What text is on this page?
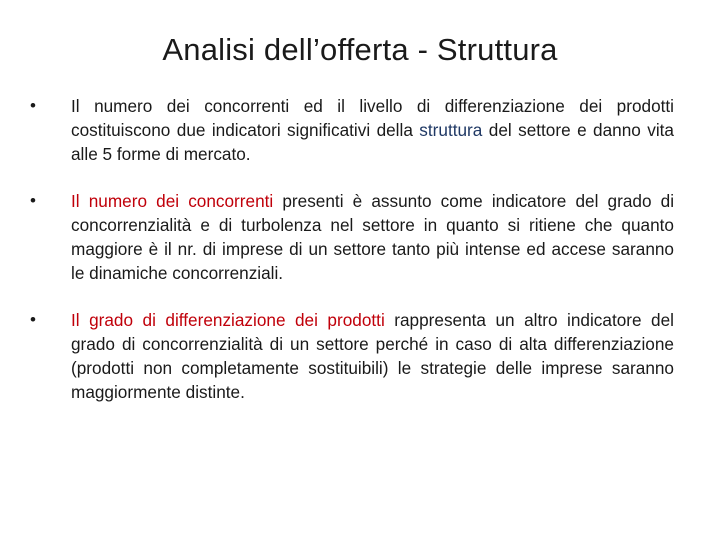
Analisi dell’offerta - Struttura
• Il numero dei concorrenti ed il livello di differenziazione dei prodotti costituiscono due indicatori significativi della struttura del settore e danno vita alle 5 forme di mercato.
• Il numero dei concorrenti presenti è assunto come indicatore del grado di concorrenzialità e di turbolenza nel settore in quanto si ritiene che quanto maggiore è il nr. di imprese di un settore tanto più intense ed accese saranno le dinamiche concorrenziali.
• Il grado di differenziazione dei prodotti rappresenta un altro indicatore del grado di concorrenzialità di un settore perché in caso di alta differenziazione (prodotti non completamente sostituibili) le strategie delle imprese saranno maggiormente distinte.
